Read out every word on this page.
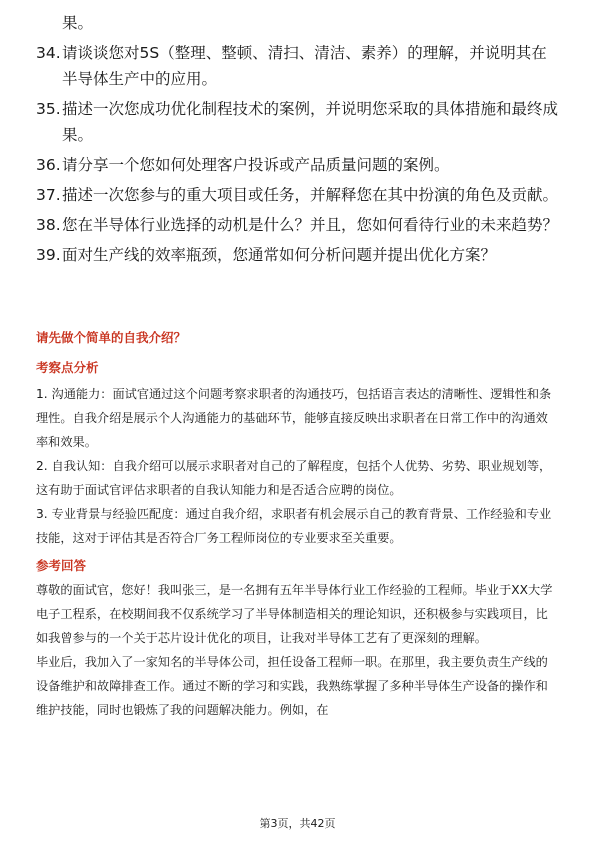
果。
34. 请谈谈您对5S（整理、整顿、清扫、清洁、素养）的理解，并说明其在半导体生产中的应用。
35. 描述一次您成功优化制程技术的案例，并说明您采取的具体措施和最终成果。
36. 请分享一个您如何处理客户投诉或产品质量问题的案例。
37. 描述一次您参与的重大项目或任务，并解释您在其中扮演的角色及贡献。
38. 您在半导体行业选择的动机是什么？并且，您如何看待行业的未来趋势？
39. 面对生产线的效率瓶颈，您通常如何分析问题并提出优化方案？
请先做个简单的自我介绍？
考察点分析

1. 沟通能力：面试官通过这个问题考察求职者的沟通技巧，包括语言表达的清晰性、逻辑性和条理性。自我介绍是展示个人沟通能力的基础环节，能够直接反映出求职者在日常工作中的沟通效率和效果。

2. 自我认知：自我介绍可以展示求职者对自己的了解程度，包括个人优势、劣势、职业规划等，这有助于面试官评估求职者的自我认知能力和是否适合应聘的岗位。

3. 专业背景与经验匹配度：通过自我介绍，求职者有机会展示自己的教育背景、工作经验和专业技能，这对于评估其是否符合厂务工程师岗位的专业要求至关重要。

参考回答

尊敬的面试官，您好！我叫张三，是一名拥有五年半导体行业工作经验的工程师。毕业于XX大学电子工程系，在校期间我不仅系统学习了半导体制造相关的理论知识，还积极参与实践项目，比如我曾参与的一个关于芯片设计优化的项目，让我对半导体工艺有了更深刻的理解。

毕业后，我加入了一家知名的半导体公司，担任设备工程师一职。在那里，我主要负责生产线的设备维护和故障排查工作。通过不断的学习和实践，我熟练掌握了多种半导体生产设备的操作和维护技能，同时也锻炼了我的问题解决能力。例如，在

第3页，共42页
